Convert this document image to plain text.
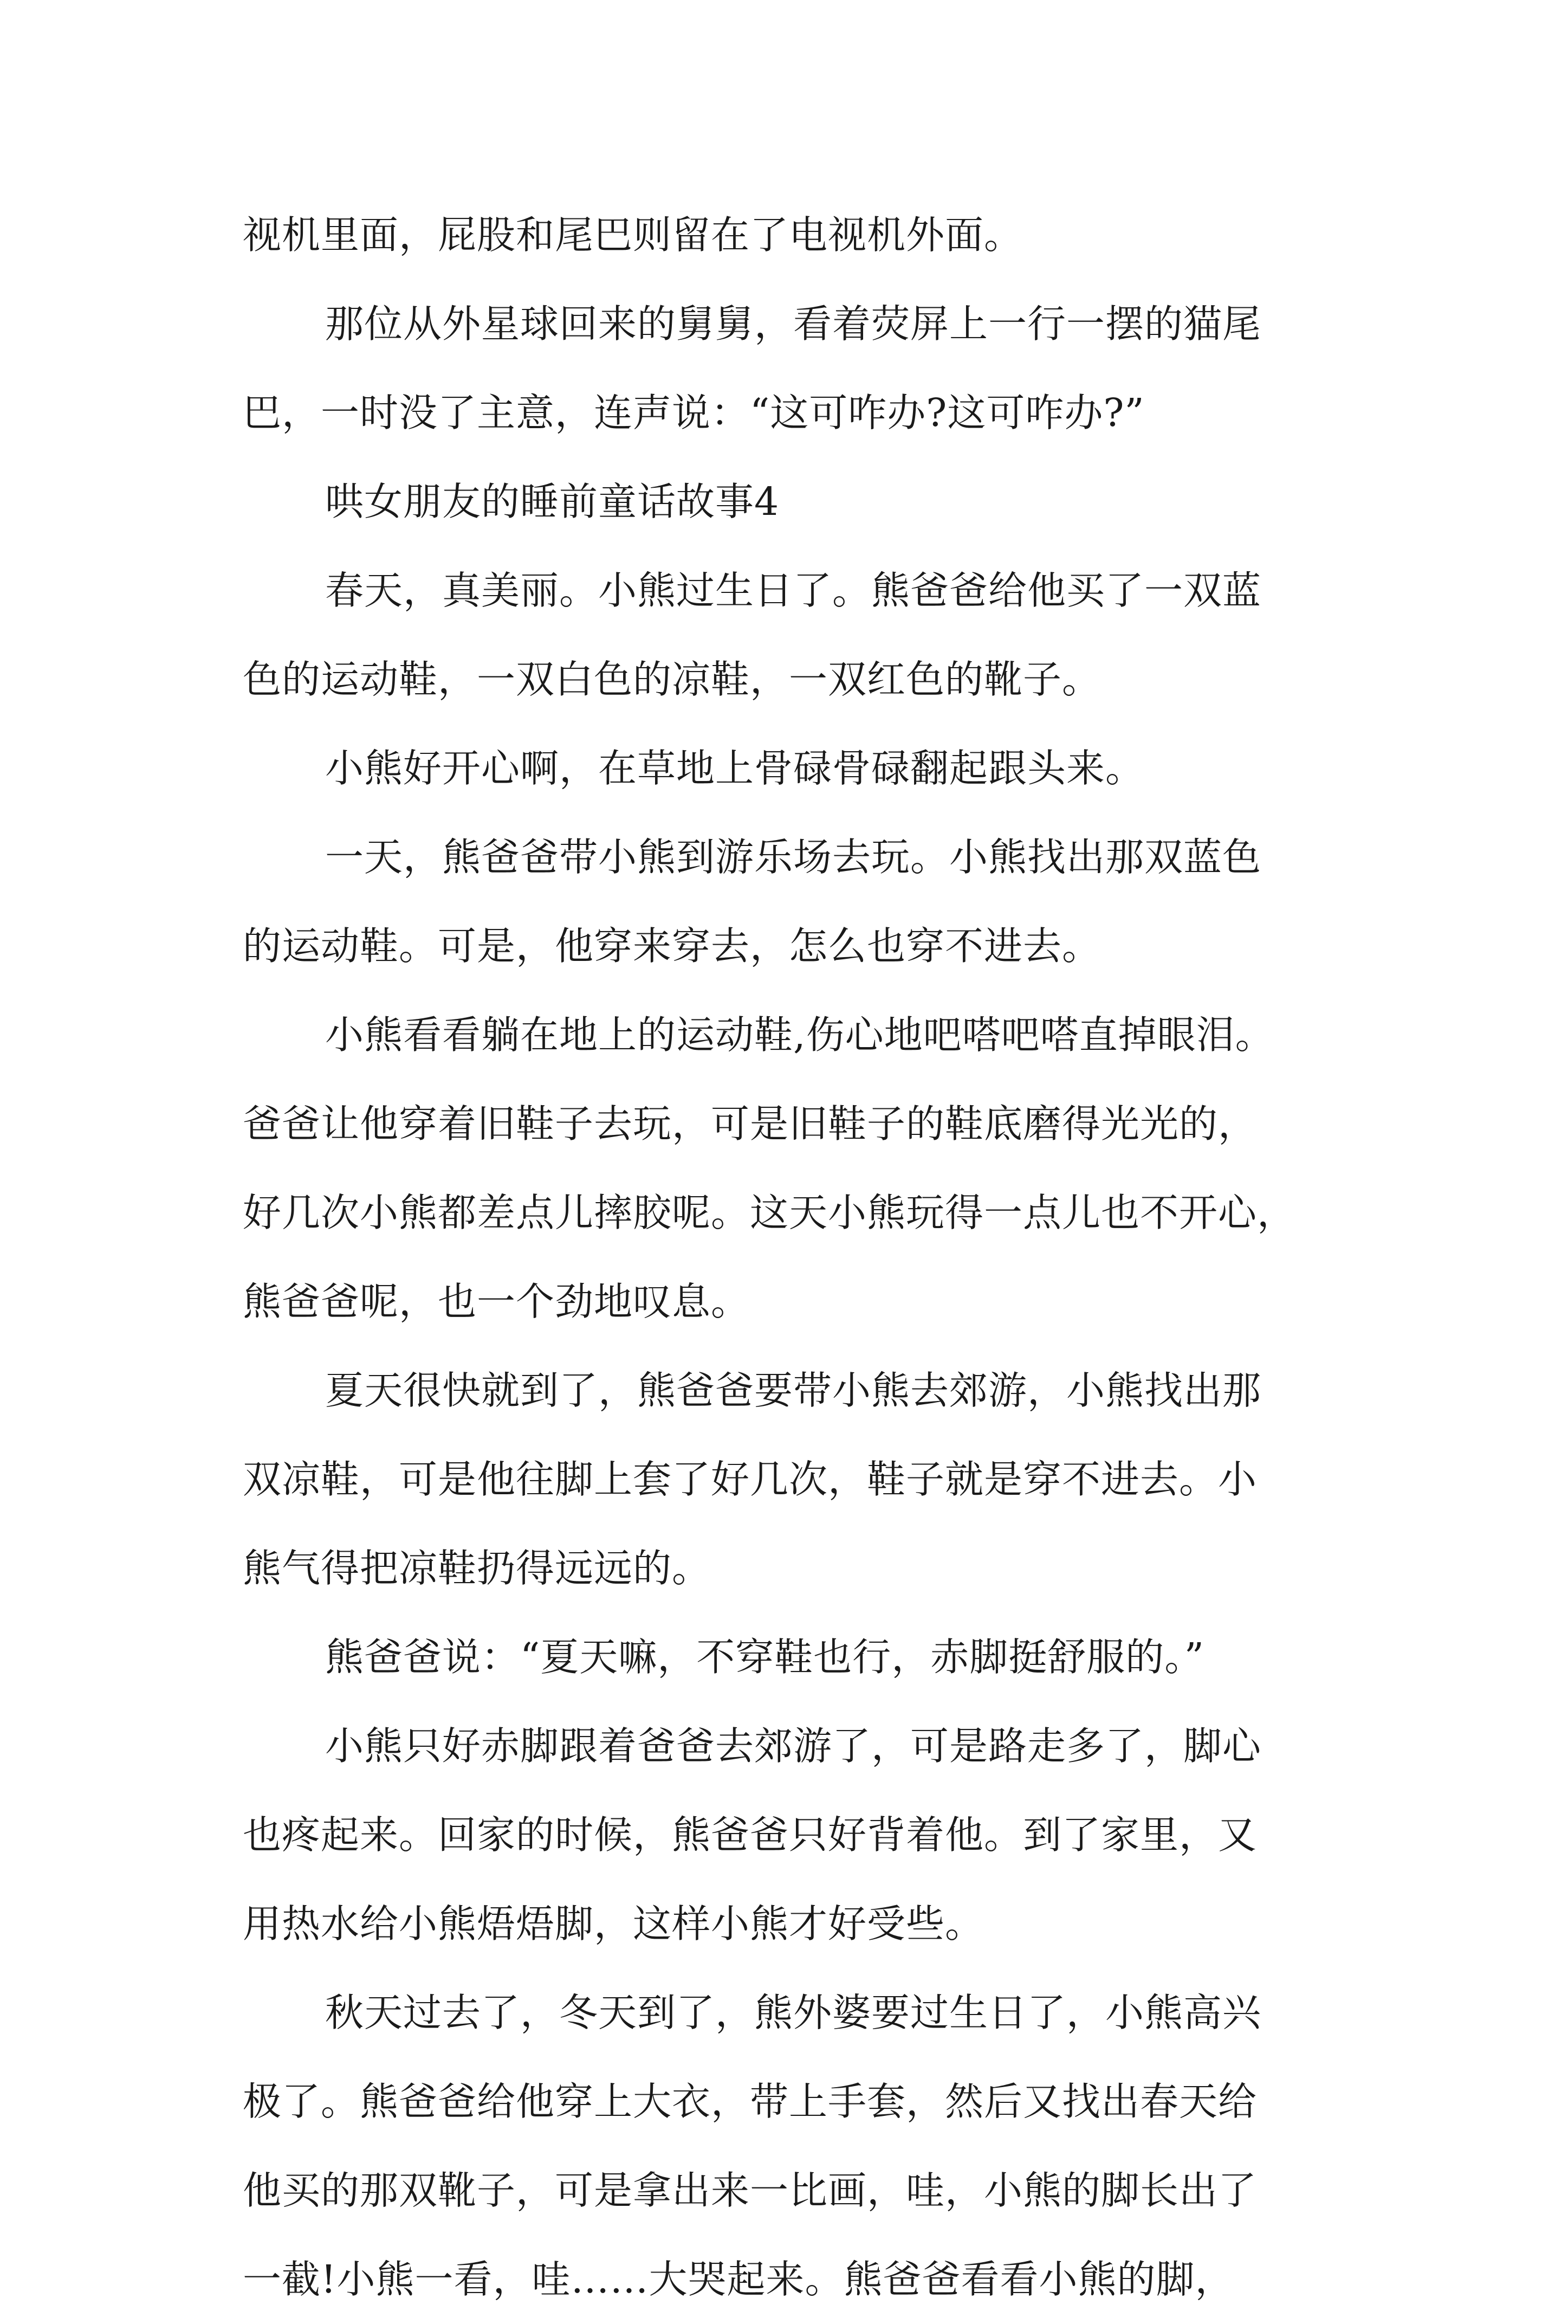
视机里面，屁股和尾巴则留在了电视机外面。
那位从外星球回来的舅舅，看着荧屏上一行一摆的猫尾
巴，一时没了主意，连声说：“这可咋办?这可咋办?”
哄女朋友的睡前童话故事4
春天，真美丽。小熊过生日了。熊爸爸给他买了一双蓝
色的运动鞋，一双白色的凉鞋，一双红色的靴子。
小熊好开心啊，在草地上骨碌骨碌翻起跟头来。
一天，熊爸爸带小熊到游乐场去玩。小熊找出那双蓝色
的运动鞋。可是，他穿来穿去，怎么也穿不进去。
小熊看看躺在地上的运动鞋,伤心地吧嗒吧嗒直掉眼泪。
爸爸让他穿着旧鞋子去玩，可是旧鞋子的鞋底磨得光光的，
好几次小熊都差点儿摔胶呢。这天小熊玩得一点儿也不开心，
熊爸爸呢，也一个劲地叹息。
夏天很快就到了，熊爸爸要带小熊去郊游，小熊找出那
双凉鞋，可是他往脚上套了好几次，鞋子就是穿不进去。小
熊气得把凉鞋扔得远远的。
熊爸爸说：“夏天嘛，不穿鞋也行，赤脚挺舒服的。”
小熊只好赤脚跟着爸爸去郊游了，可是路走多了，脚心
也疼起来。回家的时候，熊爸爸只好背着他。到了家里，又
用热水给小熊焐焐脚，这样小熊才好受些。
秋天过去了，冬天到了，熊外婆要过生日了，小熊高兴
极了。熊爸爸给他穿上大衣，带上手套，然后又找出春天给
他买的那双靴子，可是拿出来一比画，哇，小熊的脚长出了
一截!小熊一看，哇……大哭起来。熊爸爸看看小熊的脚，
